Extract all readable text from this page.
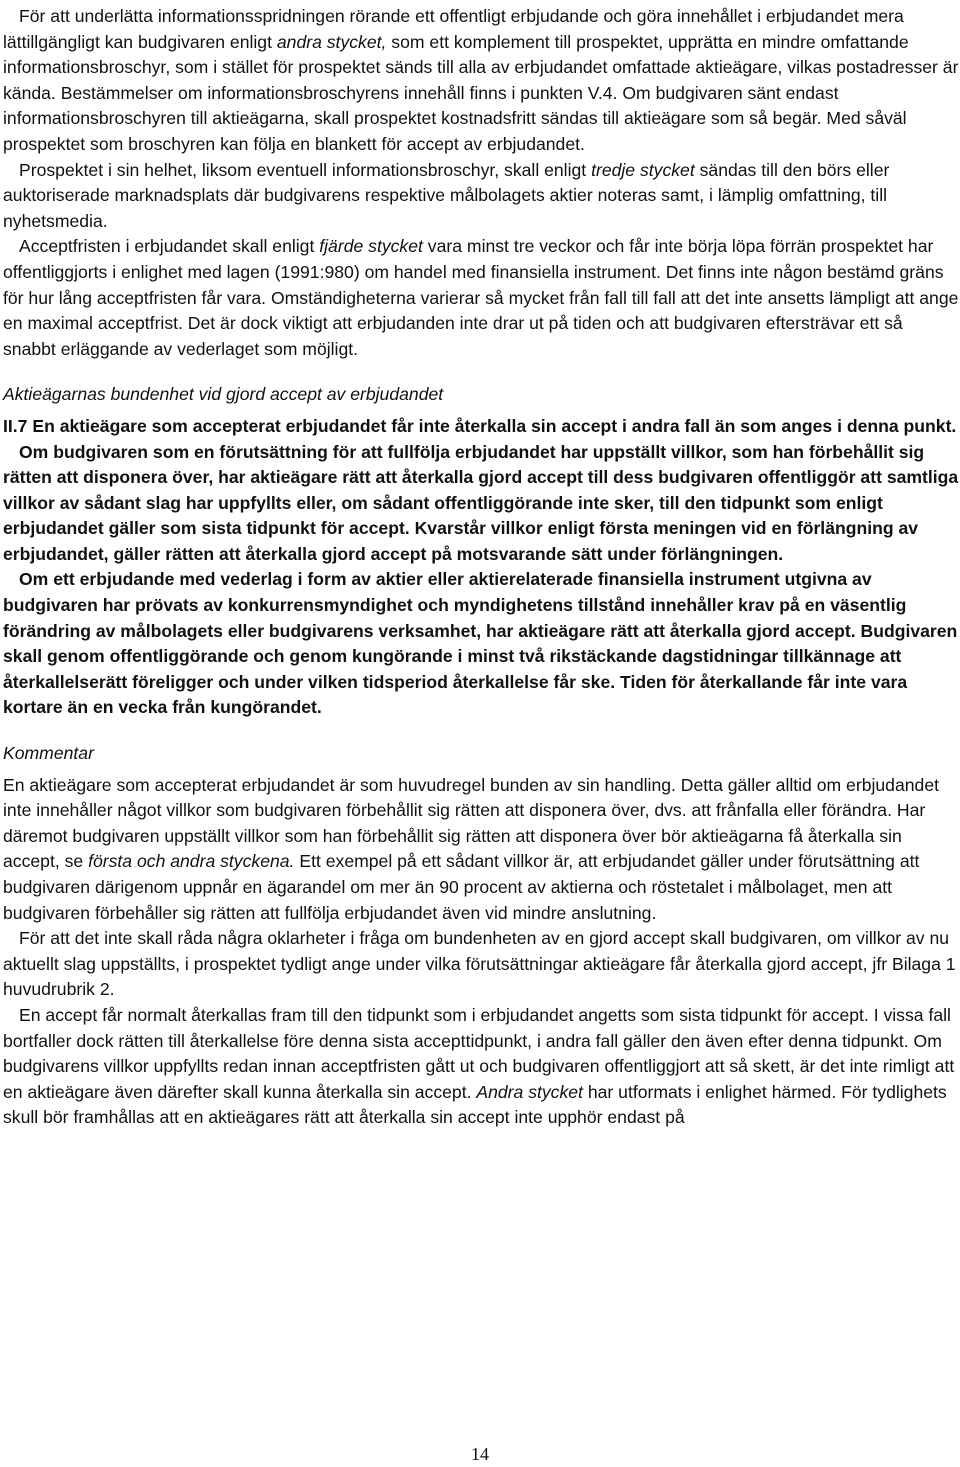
För att underlätta informationsspridningen rörande ett offentligt erbjudande och göra innehållet i erbjudandet mera lättillgängligt kan budgivaren enligt andra stycket, som ett komplement till prospektet, upprätta en mindre omfattande informationsbroschyr, som i stället för prospektet sänds till alla av erbjudandet omfattade aktieägare, vilkas postadresser är kända. Bestämmelser om informationsbroschyrens innehåll finns i punkten V.4. Om budgivaren sänt endast informationsbroschyren till aktieägarna, skall prospektet kostnadsfritt sändas till aktieägare som så begär. Med såväl prospektet som broschyren kan följa en blankett för accept av erbjudandet.

Prospektet i sin helhet, liksom eventuell informationsbroschyr, skall enligt tredje stycket sändas till den börs eller auktoriserade marknadsplats där budgivarens respektive målbolagets aktier noteras samt, i lämplig omfattning, till nyhetsmedia.

Acceptfristen i erbjudandet skall enligt fjärde stycket vara minst tre veckor och får inte börja löpa förrän prospektet har offentliggjorts i enlighet med lagen (1991:980) om handel med finansiella instrument. Det finns inte någon bestämd gräns för hur lång acceptfristen får vara. Omständigheterna varierar så mycket från fall till fall att det inte ansetts lämpligt att ange en maximal acceptfrist. Det är dock viktigt att erbjudanden inte drar ut på tiden och att budgivaren eftersträvar ett så snabbt erläggande av vederlaget som möjligt.

Aktieägarnas bundenhet vid gjord accept av erbjudandet

II.7 En aktieägare som accepterat erbjudandet får inte återkalla sin accept i andra fall än som anges i denna punkt.

Om budgivaren som en förutsättning för att fullfölja erbjudandet har uppställt villkor, som han förbehållit sig rätten att disponera över, har aktieägare rätt att återkalla gjord accept till dess budgivaren offentliggör att samtliga villkor av sådant slag har uppfyllts eller, om sådant offentliggörande inte sker, till den tidpunkt som enligt erbjudandet gäller som sista tidpunkt för accept. Kvarstår villkor enligt första meningen vid en förlängning av erbjudandet, gäller rätten att återkalla gjord accept på motsvarande sätt under förlängningen.

Om ett erbjudande med vederlag i form av aktier eller aktierelaterade finansiella instrument utgivna av budgivaren har prövats av konkurrensmyndighet och myndighetens tillstånd innehåller krav på en väsentlig förändring av målbolagets eller budgivarens verksamhet, har aktieägare rätt att återkalla gjord accept. Budgivaren skall genom offentliggörande och genom kungörande i minst två rikstäckande dagstidningar tillkännage att återkallelserätt föreligger och under vilken tidsperiod återkallelse får ske. Tiden för återkallande får inte vara kortare än en vecka från kungörandet.

Kommentar

En aktieägare som accepterat erbjudandet är som huvudregel bunden av sin handling. Detta gäller alltid om erbjudandet inte innehåller något villkor som budgivaren förbehållit sig rätten att disponera över, dvs. att frånfalla eller förändra. Har däremot budgivaren uppställt villkor som han förbehållit sig rätten att disponera över bör aktieägarna få återkalla sin accept, se första och andra styckena. Ett exempel på ett sådant villkor är, att erbjudandet gäller under förutsättning att budgivaren därigenom uppnår en ägarandel om mer än 90 procent av aktierna och röstetalet i målbolaget, men att budgivaren förbehåller sig rätten att fullfölja erbjudandet även vid mindre anslutning.

För att det inte skall råda några oklarheter i fråga om bundenheten av en gjord accept skall budgivaren, om villkor av nu aktuellt slag uppställts, i prospektet tydligt ange under vilka förutsättningar aktieägare får återkalla gjord accept, jfr Bilaga 1 huvudrubrik 2.

En accept får normalt återkallas fram till den tidpunkt som i erbjudandet angetts som sista tidpunkt för accept. I vissa fall bortfaller dock rätten till återkallelse före denna sista accepttidpunkt, i andra fall gäller den även efter denna tidpunkt. Om budgivarens villkor uppfyllts redan innan acceptfristen gått ut och budgivaren offentliggjort att så skett, är det inte rimligt att en aktieägare även därefter skall kunna återkalla sin accept. Andra stycket har utformats i enlighet härmed. För tydlighets skull bör framhållas att en aktieägares rätt att återkalla sin accept inte upphör endast på

14
